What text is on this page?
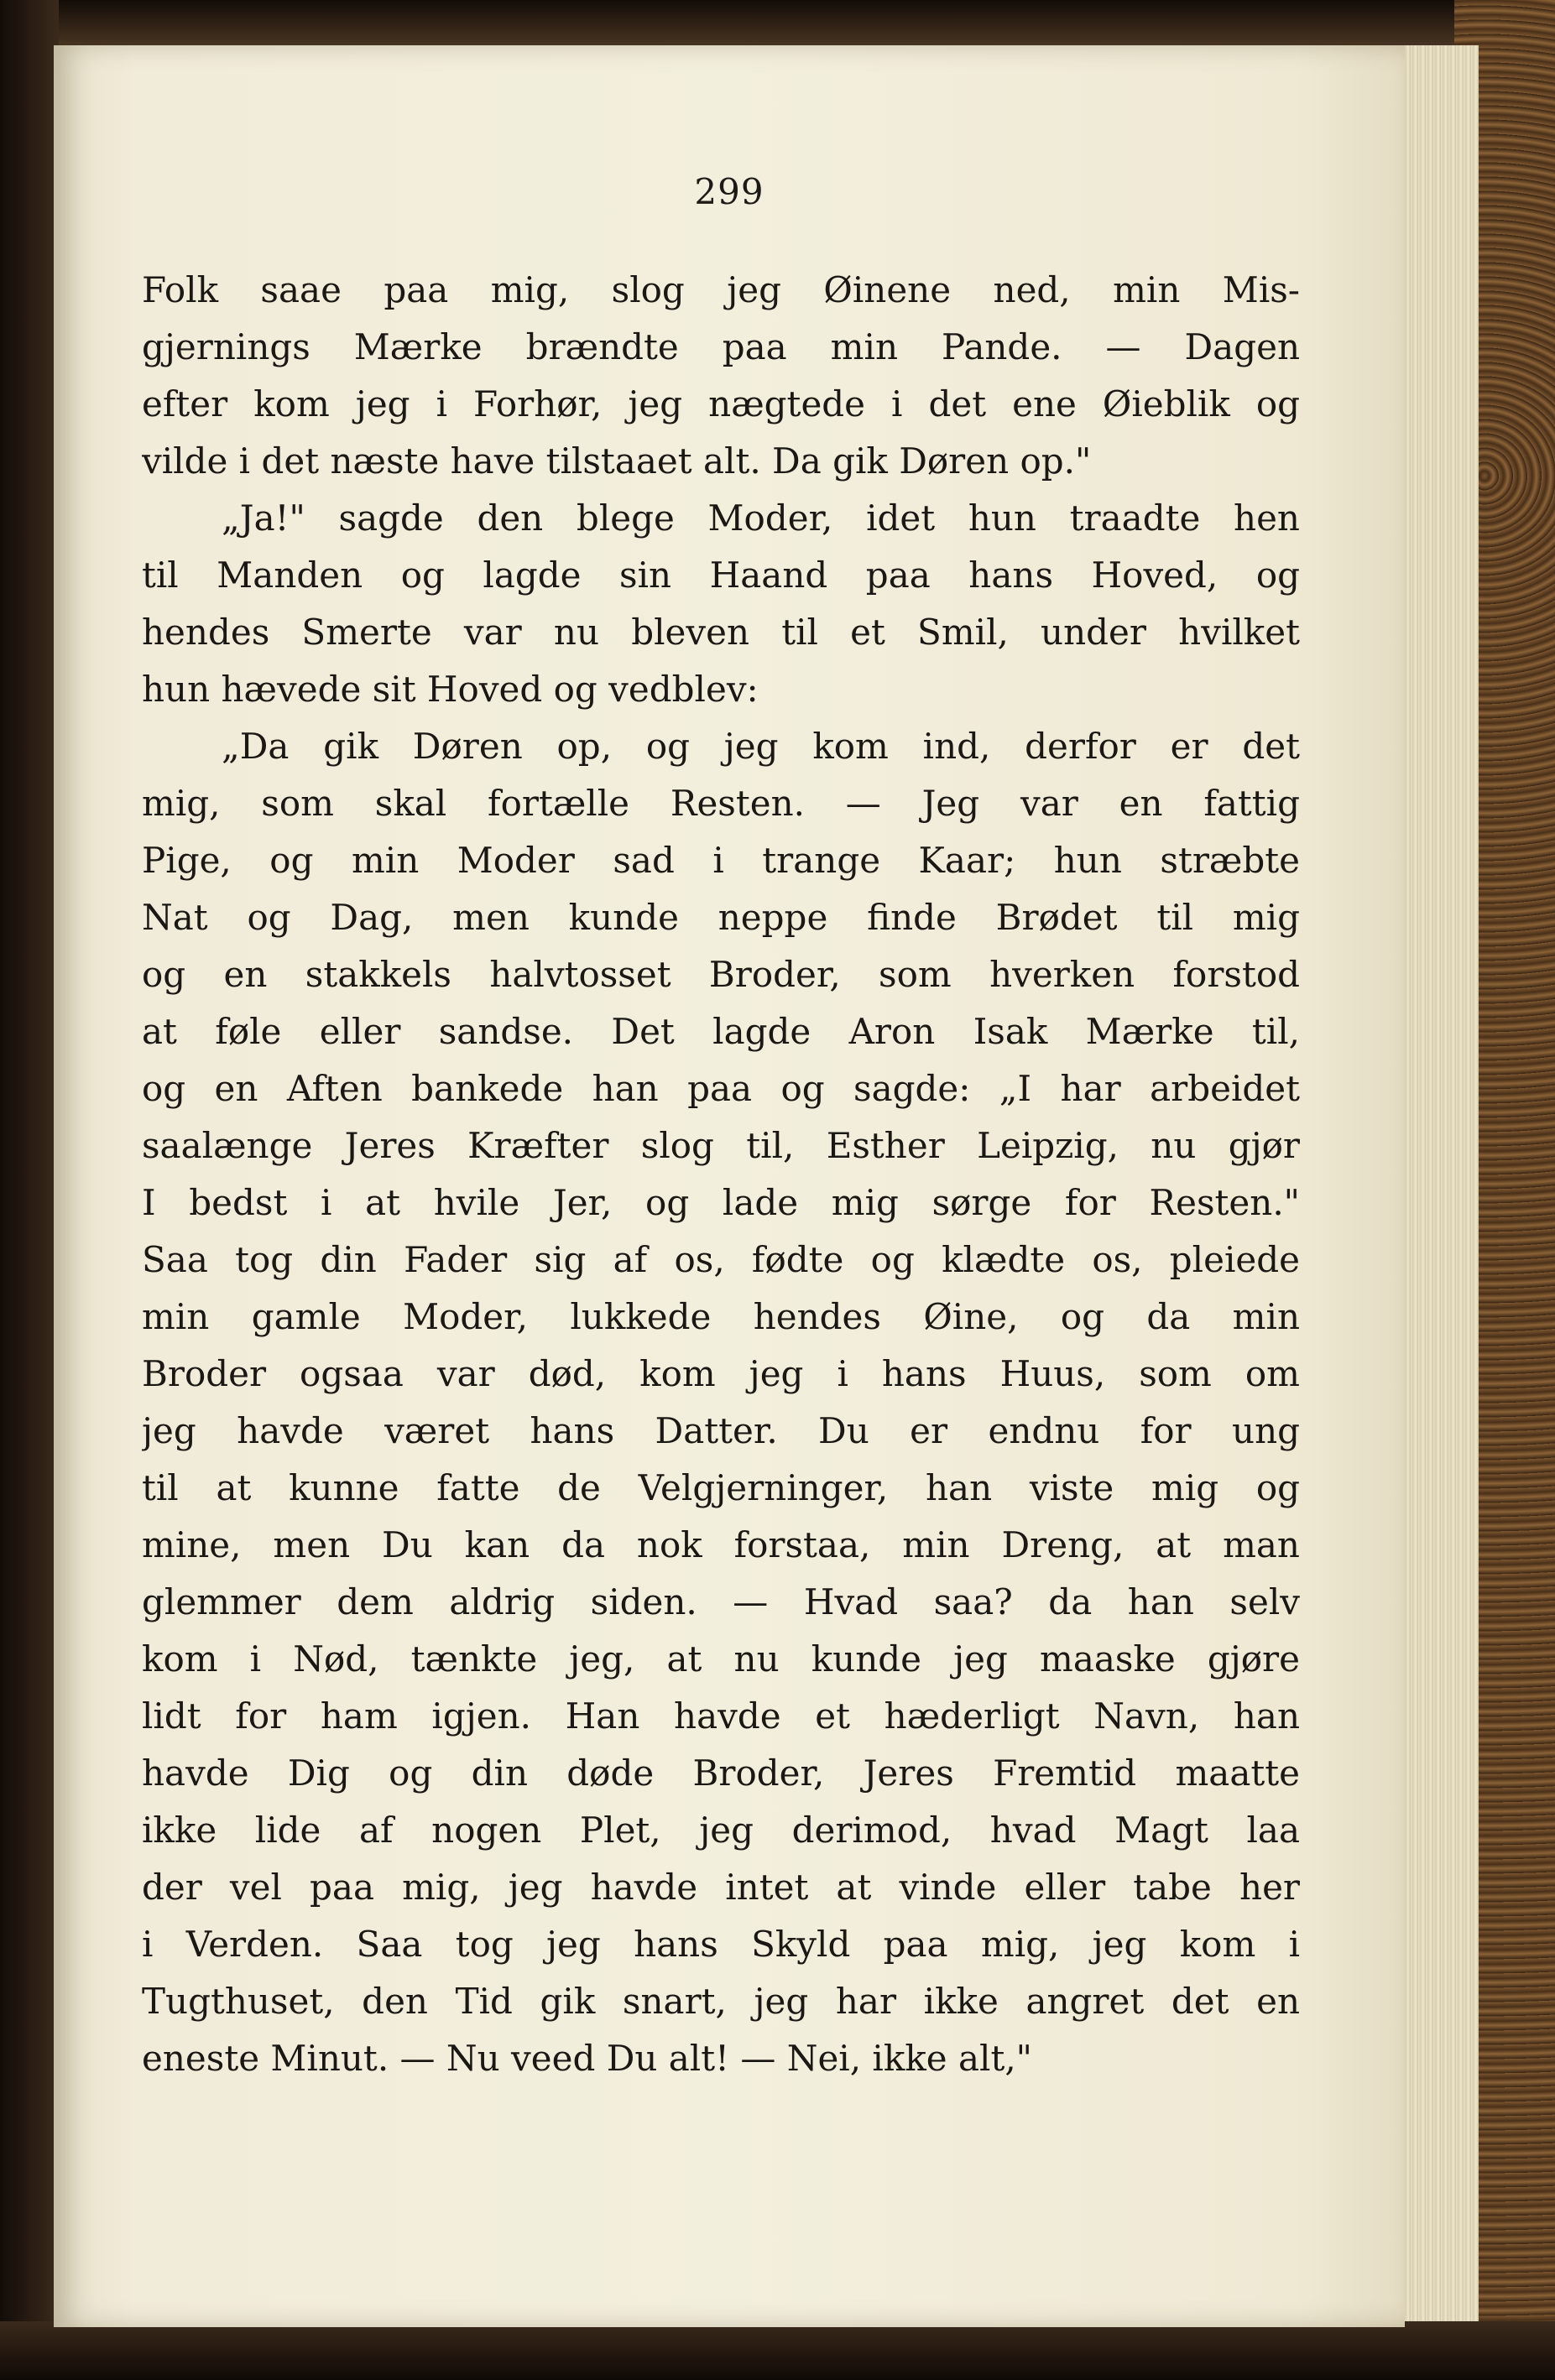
299
Folk saae paa mig, slog jeg Øinene ned, min Mis-
gjernings Mærke brændte paa min Pande. — Dagen
efter kom jeg i Forhør, jeg nægtede i det ene Øieblik og
vilde i det næste have tilstaaet alt. Da gik Døren op."
„Ja!" sagde den blege Moder, idet hun traadte hen
til Manden og lagde sin Haand paa hans Hoved, og
hendes Smerte var nu bleven til et Smil, under hvilket
hun hævede sit Hoved og vedblev:
„Da gik Døren op, og jeg kom ind, derfor er det
mig, som skal fortælle Resten. — Jeg var en fattig
Pige, og min Moder sad i trange Kaar; hun stræbte
Nat og Dag, men kunde neppe finde Brødet til mig
og en stakkels halvtosset Broder, som hverken forstod
at føle eller sandse. Det lagde Aron Isak Mærke til,
og en Aften bankede han paa og sagde: „I har arbeidet
saalænge Jeres Kræfter slog til, Esther Leipzig, nu gjør
I bedst i at hvile Jer, og lade mig sørge for Resten."
Saa tog din Fader sig af os, fødte og klædte os, pleiede
min gamle Moder, lukkede hendes Øine, og da min
Broder ogsaa var død, kom jeg i hans Huus, som om
jeg havde været hans Datter. Du er endnu for ung
til at kunne fatte de Velgjerninger, han viste mig og
mine, men Du kan da nok forstaa, min Dreng, at man
glemmer dem aldrig siden. — Hvad saa? da han selv
kom i Nød, tænkte jeg, at nu kunde jeg maaske gjøre
lidt for ham igjen. Han havde et hæderligt Navn, han
havde Dig og din døde Broder, Jeres Fremtid maatte
ikke lide af nogen Plet, jeg derimod, hvad Magt laa
der vel paa mig, jeg havde intet at vinde eller tabe her
i Verden. Saa tog jeg hans Skyld paa mig, jeg kom i
Tugthuset, den Tid gik snart, jeg har ikke angret det en
eneste Minut. — Nu veed Du alt! — Nei, ikke alt,"
